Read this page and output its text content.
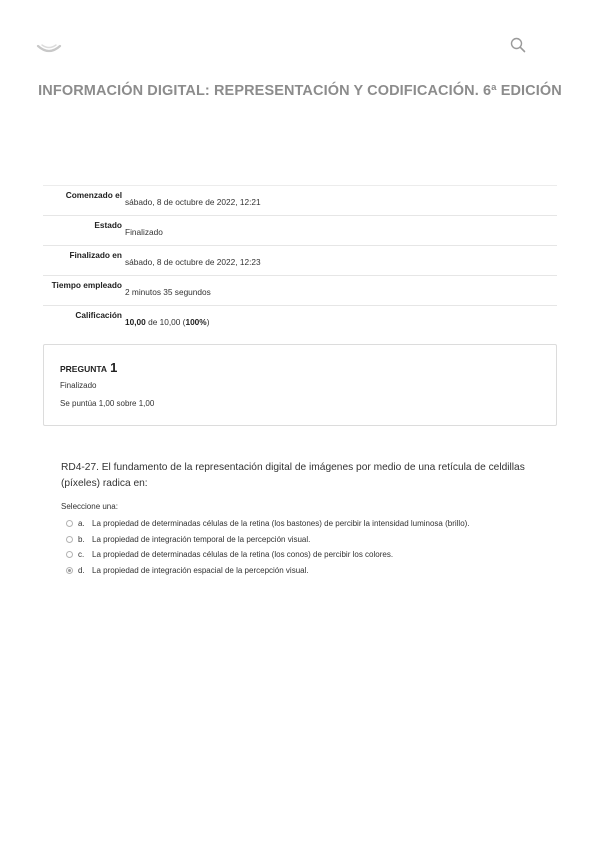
INFORMACIÓN DIGITAL: REPRESENTACIÓN Y CODIFICACIÓN. 6ª EDICIÓN
Comenzado el	sábado, 8 de octubre de 2022, 12:21
Estado	Finalizado
Finalizado en	sábado, 8 de octubre de 2022, 12:23
Tiempo empleado	2 minutos 35 segundos
Calificación	10,00 de 10,00 (100%)
PREGUNTA 1
Finalizado
Se puntúa 1,00 sobre 1,00
RD4-27. El fundamento de la representación digital de imágenes por medio de una retícula de celdillas (píxeles) radica en:
Seleccione una:
a. La propiedad de determinadas células de la retina (los bastones) de percibir la intensidad luminosa (brillo).
b. La propiedad de integración temporal de la percepción visual.
c. La propiedad de determinadas células de la retina (los conos) de percibir los colores.
d. La propiedad de integración espacial de la percepción visual.
